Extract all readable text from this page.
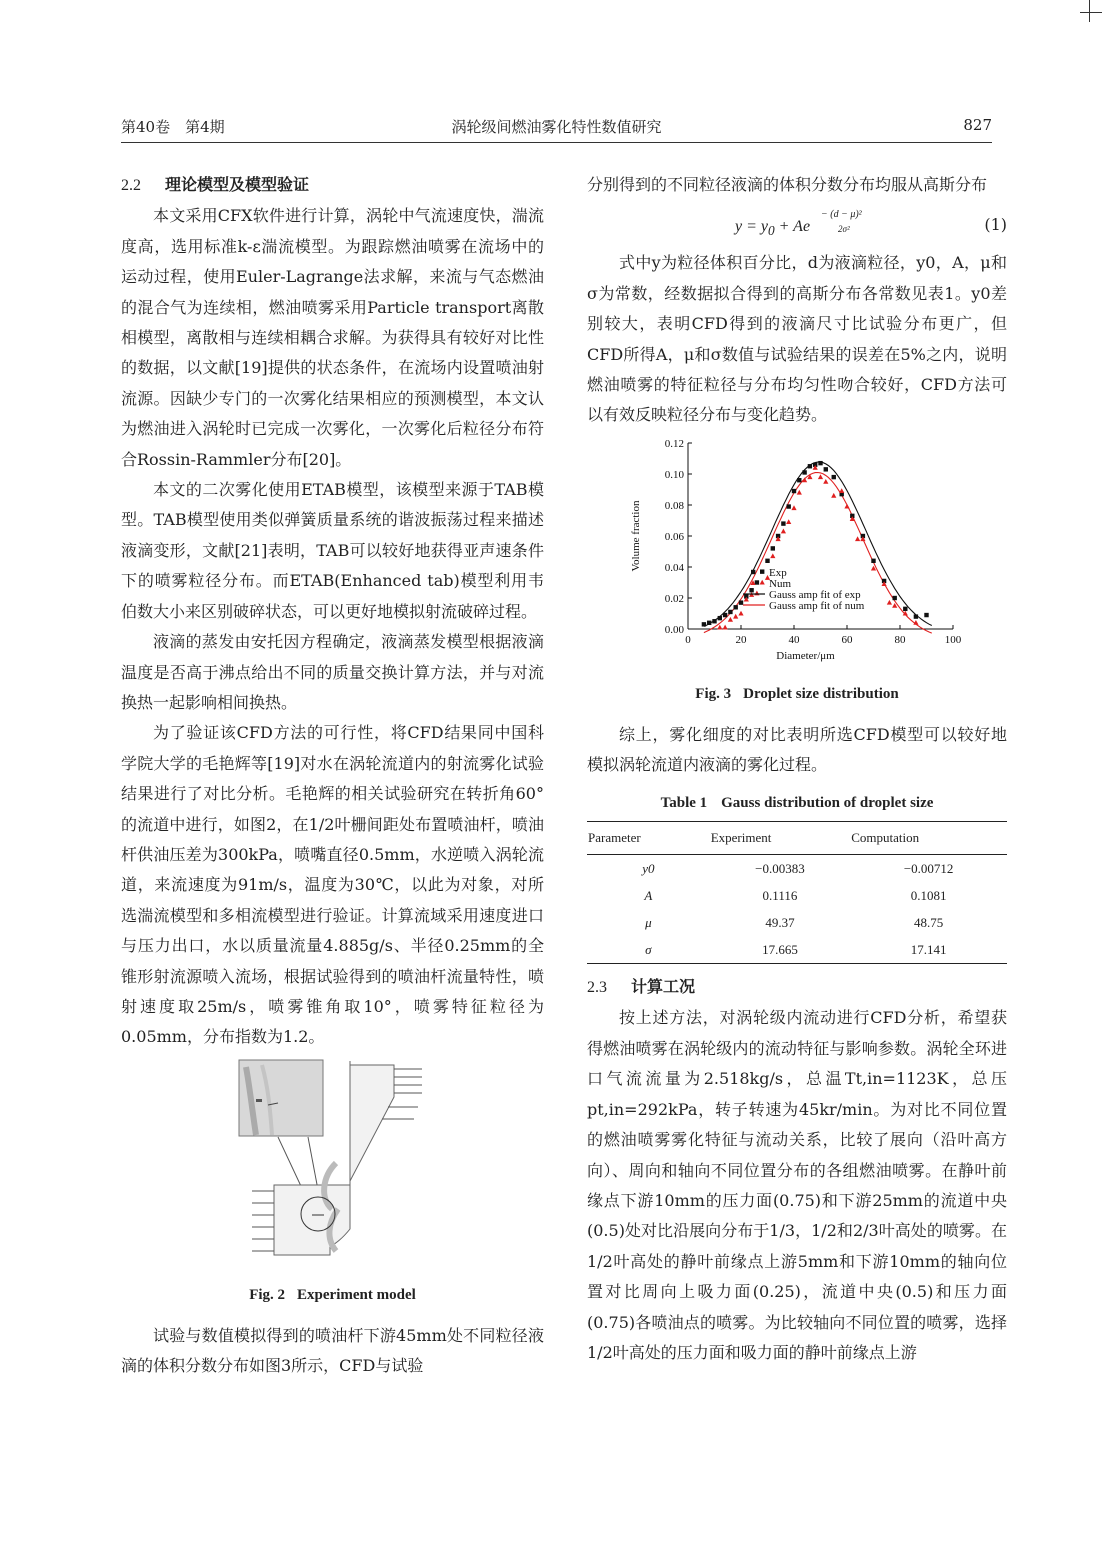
第40卷　第4期	涡轮级间燃油雾化特性数值研究	827
2.2 理论模型及模型验证

本文采用CFX软件进行计算，涡轮中气流速度快，湍流度高，选用标准k-ε湍流模型。为跟踪燃油喷雾在流场中的运动过程，使用Euler-Lagrange法求解，来流与气态燃油的混合气为连续相，燃油喷雾采用Particle transport离散相模型，离散相与连续相耦合求解。为获得具有较好对比性的数据，以文献[19]提供的状态条件，在流场内设置喷油射流源。因缺少专门的一次雾化结果相应的预测模型，本文认为燃油进入涡轮时已完成一次雾化，一次雾化后粒径分布符合Rossin-Rammler分布[20]。

本文的二次雾化使用ETAB模型，该模型来源于TAB模型。TAB模型使用类似弹簧质量系统的谐波振荡过程来描述液滴变形，文献[21]表明，TAB可以较好地获得亚声速条件下的喷雾粒径分布。而ETAB(Enhanced tab)模型利用韦伯数大小来区别破碎状态，可以更好地模拟射流破碎过程。

液滴的蒸发由安托因方程确定，液滴蒸发模型根据液滴温度是否高于沸点给出不同的质量交换计算方法，并与对流换热一起影响相间换热。

为了验证该CFD方法的可行性，将CFD结果同中国科学院大学的毛艳辉等[19]对水在涡轮流道内的射流雾化试验结果进行了对比分析。毛艳辉的相关试验研究在转折角60°的流道中进行，如图2，在1/2叶栅间距处布置喷油杆，喷油杆供油压差为300kPa，喷嘴直径0.5mm，水逆喷入涡轮流道，来流速度为91m/s，温度为30℃，以此为对象，对所选湍流模型和多相流模型进行验证。计算流域采用速度进口与压力出口，水以质量流量4.885g/s、半径0.25mm的全锥形射流源喷入流场，根据试验得到的喷油杆流量特性，喷射速度取25m/s，喷雾锥角取10°，喷雾特征粒径为0.05mm，分布指数为1.2。

Fig. 2 Experiment model

试验与数值模拟得到的喷油杆下游45mm处不同粒径液滴的体积分数分布如图3所示，CFD与试验

分别得到的不同粒径液滴的体积分数分布均服从高斯分布

$y = y_0 + Ae$
− (d − μ)²
2σ²	(1)

式中y为粒径体积百分比，d为液滴粒径，y0，A，μ和σ为常数，经数据拟合得到的高斯分布各常数见表1。y0差别较大，表明CFD得到的液滴尺寸比试验分布更广，但CFD所得A，μ和σ数值与试验结果的误差在5%之内，说明燃油喷雾的特征粒径与分布均匀性吻合较好，CFD方法可以有效反映粒径分布与变化趋势。

0	20	40	60	80	100
0.00
0.02
0.04
0.06
0.08
0.10
0.12
Diameter/μm
Volume fraction
Exp
Num
Gauss amp fit of exp
Gauss amp fit of num
Fig. 3 Droplet size distribution

综上，雾化细度的对比表明所选CFD模型可以较好地模拟涡轮流道内液滴的雾化过程。

Table 1 Gauss distribution of droplet size
Parameter	Experiment	Computation
y0	−0.00383	−0.00712
A	0.1116	0.1081
μ	49.37	48.75
σ	17.665	17.141
2.3 计算工况

按上述方法，对涡轮级内流动进行CFD分析，希望获得燃油喷雾在涡轮级内的流动特征与影响参数。涡轮全环进口气流流量为2.518kg/s，总温Tt,in=1123K，总压pt,in=292kPa，转子转速为45kr/min。为对比不同位置的燃油喷雾雾化特征与流动关系，比较了展向（沿叶高方向）、周向和轴向不同位置分布的各组燃油喷雾。在静叶前缘点下游10mm的压力面(0.75)和下游25mm的流道中央(0.5)处对比沿展向分布于1/3，1/2和2/3叶高处的喷雾。在1/2叶高处的静叶前缘点上游5mm和下游10mm的轴向位置对比周向上吸力面(0.25)，流道中央(0.5)和压力面(0.75)各喷油点的喷雾。为比较轴向不同位置的喷雾，选择1/2叶高处的压力面和吸力面的静叶前缘点上游
